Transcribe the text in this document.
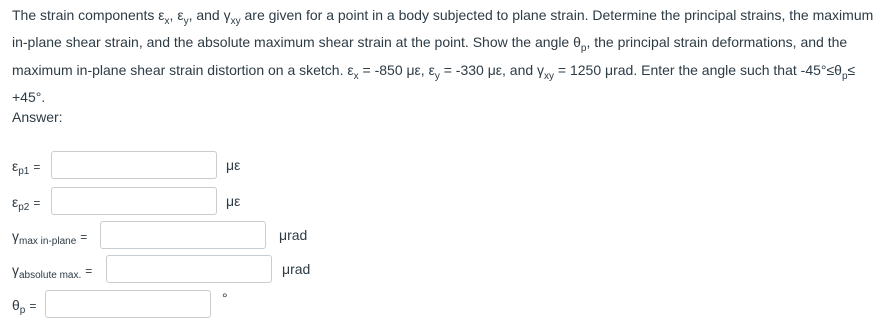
The strain components $\varepsilon_x$, $\varepsilon_y$, and $\gamma_{xy}$ are given for a point in a body subjected to plane strain. Determine the principal strains, the maximum in-plane shear strain, and the absolute maximum shear strain at the point. Show the angle $\theta_p$, the principal strain deformations, and the maximum in-plane shear strain distortion on a sketch. $\varepsilon_x = -850$ με, $\varepsilon_y = -330$ με, and $\gamma_{xy} = 1250$ μrad. Enter the angle such that $-45^\circ\le\theta_p\le +45^\circ$.

Answer:

$\varepsilon_{p1}$ =	με
$\varepsilon_{p2}$ =	με
$\gamma_{max in-plane}$ =	μrad
$\gamma_{absolute max.}$ =	μrad
$\theta_p$ =	°
